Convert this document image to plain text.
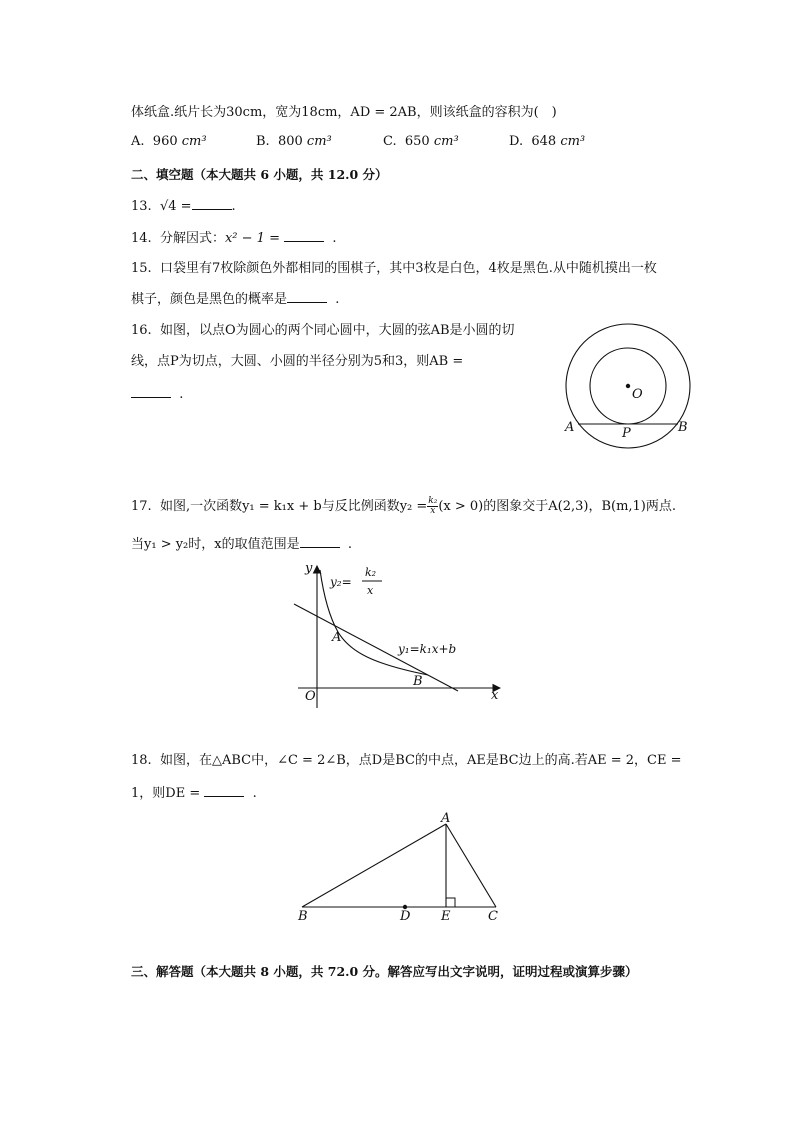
体纸盒.纸片长为30cm，宽为18cm，AD = 2AB，则该纸盒的容积为(　)
A. 960 cm³	B. 800 cm³	C. 650 cm³	D. 648 cm³
二、填空题（本大题共 6 小题，共 12.0 分）
13. √4 =	.
14. 分解因式：x² − 1 =	.
15. 口袋里有7枚除颜色外都相同的围棋子，其中3枚是白色，4枚是黑色.从中随机摸出一枚
棋子，颜色是黑色的概率是	.
16. 如图，以点O为圆心的两个同心圆中，大圆的弦AB是小圆的切
线，点P为切点，大圆、小圆的半径分别为5和3，则AB =
.	O
A	P	B
17. 如图,一次函数y₁ = k₁x + b与反比例函数$y_2 = \frac{\text{k₂}}{x} (x > 0)$的图象交于A(2,3)，B(m,1)两点.
当y₁ > y₂时，x的取值范围是	.
y
x
O
y₂=
k₂
x
y₁=k₁x+b
A
B
18. 如图，在△ABC中，∠C = 2∠B，点D是BC的中点，AE是BC边上的高.若AE = 2，CE =
1，则DE =	.
A
B	D E	C
三、解答题（本大题共 8 小题，共 72.0 分。解答应写出文字说明，证明过程或演算步骤）
